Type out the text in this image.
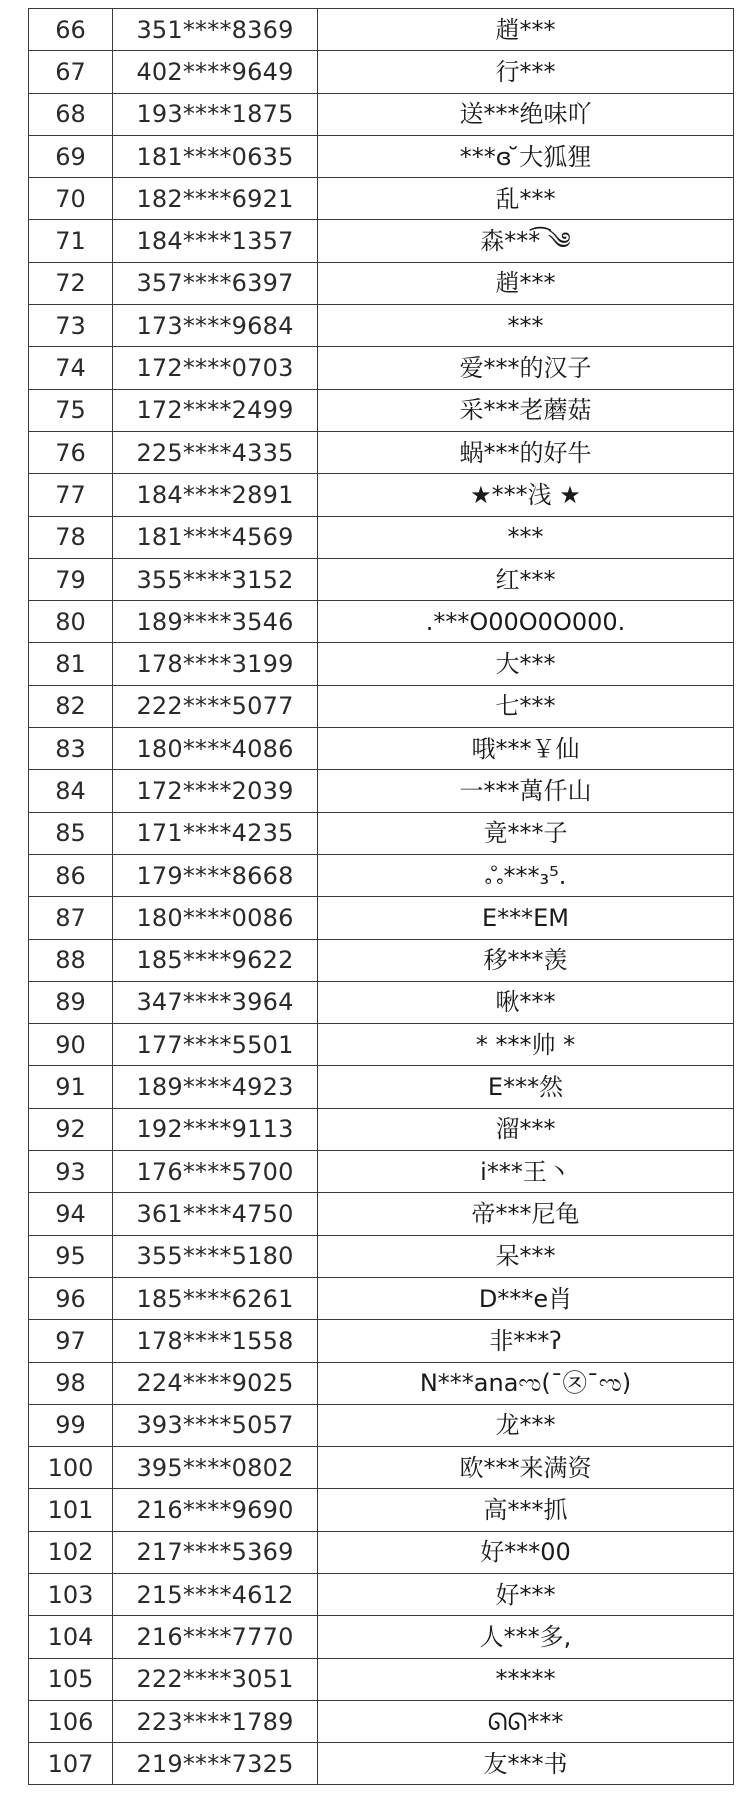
66	351****8369	趙***
67	402****9649	行***
68	193****1875	送***绝味吖
69	181****0635	***ɞ ̆大狐狸
70	182****6921	乱***
71	184****1357	森***͡ ༄
72	357****6397	趙***
73	173****9684	***
74	172****0703	爱***的汉子
75	172****2499	采***老蘑菇
76	225****4335	蜗***的好牛
77	184****2891	★***浅 ★
78	181****4569	***
79	355****3152	红***
80	189****3546	.***O00O0O000.
81	178****3199	大***
82	222****5077	七***
83	180****4086	哦***￥仙
84	172****2039	一***萬仟山
85	171****4235	竟***子
86	179****8668	ஃ***₃⁵.
87	180****0086	E***EM
88	185****9622	移***羡
89	347****3964	啾***
90	177****5501	* ***帅 *
91	189****4923	E***然
92	192****9113	溜***
93	176****5700	i***王丶
94	361****4750	帝***尼龟
95	355****5180	呆***
96	185****6261	D***e肖
97	178****1558	非***ʔ
98	224****9025	N***anaಌ(¯㉨¯ಌ)
99	393****5057	龙***
100	395****0802	欧***来满资
101	216****9690	高***抓
102	217****5369	好***00
103	215****4612	好***
104	216****7770	人***多,
105	222****3051	*****
106	223****1789	ᘏᘏ***
107	219****7325	友***书
